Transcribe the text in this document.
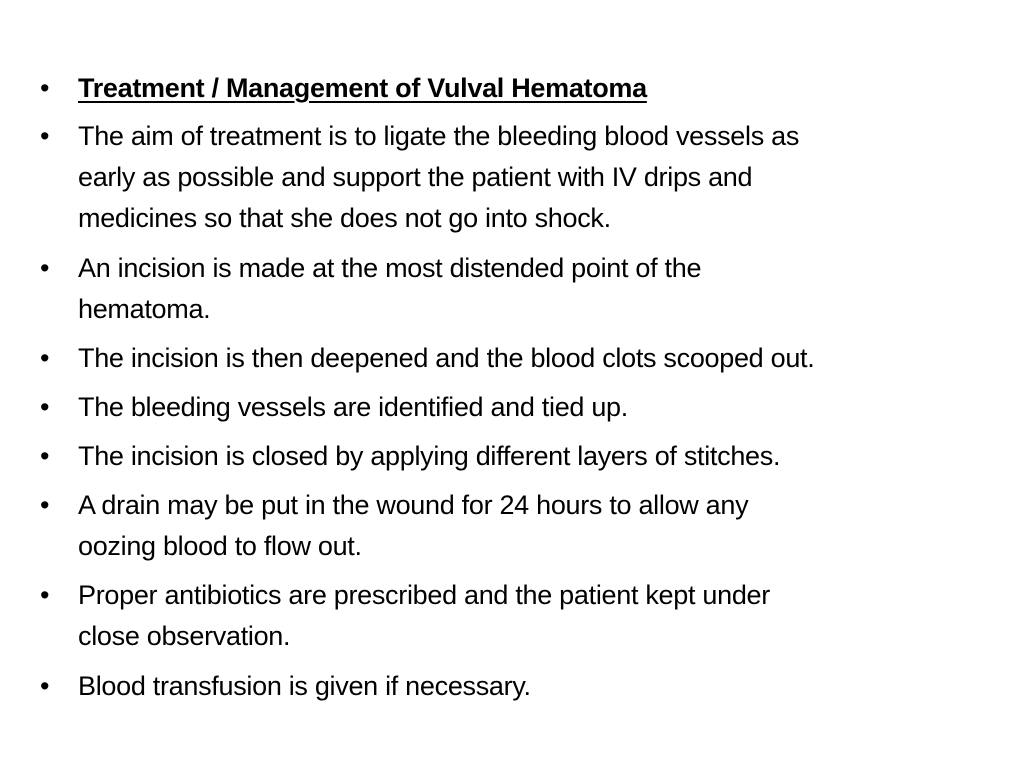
• Treatment / Management of Vulval Hematoma
• The aim of treatment is to ligate the bleeding blood vessels as
early as possible and support the patient with IV drips and
medicines so that she does not go into shock.
• An incision is made at the most distended point of the
hematoma.
• The incision is then deepened and the blood clots scooped out.
• The bleeding vessels are identified and tied up.
• The incision is closed by applying different layers of stitches.
• A drain may be put in the wound for 24 hours to allow any
oozing blood to flow out.
• Proper antibiotics are prescribed and the patient kept under
close observation.
• Blood transfusion is given if necessary.
